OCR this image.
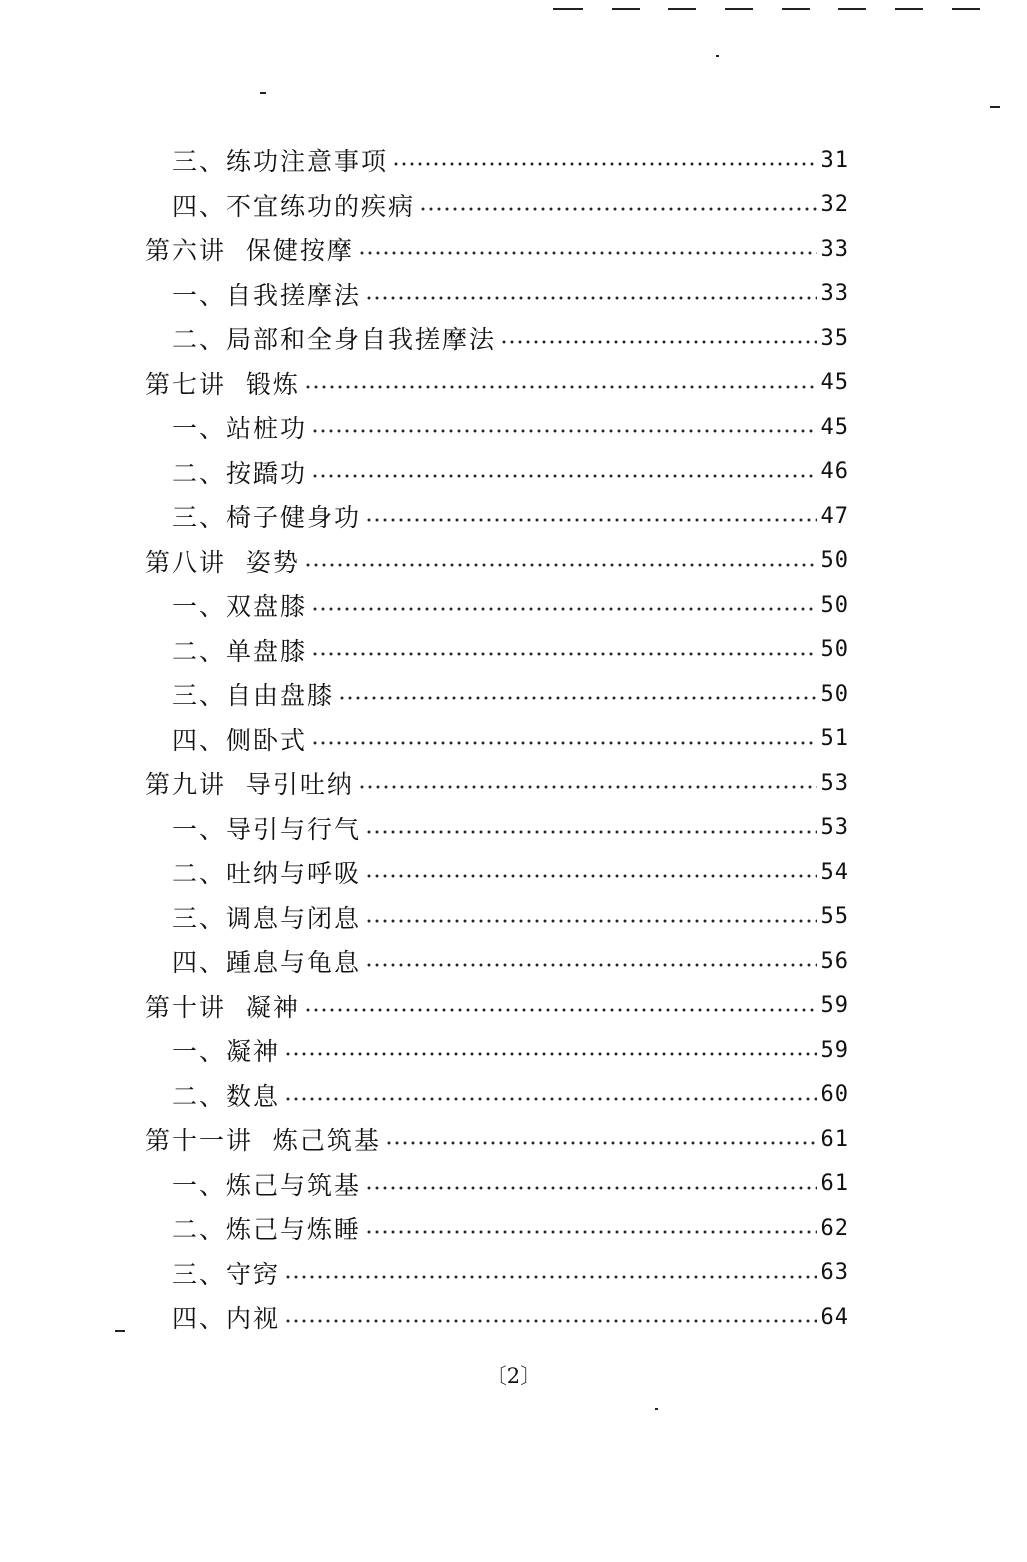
三、练功注意事项	31
四、不宜练功的疾病	32
第六讲  保健按摩	33
一、自我搓摩法	33
二、局部和全身自我搓摩法	35
第七讲  锻炼	45
一、站桩功	45
二、按蹻功	46
三、椅子健身功	47
第八讲  姿势	50
一、双盘膝	50
二、单盘膝	50
三、自由盘膝	50
四、侧卧式	51
第九讲  导引吐纳	53
一、导引与行气	53
二、吐纳与呼吸	54
三、调息与闭息	55
四、踵息与龟息	56
第十讲  凝神	59
一、凝神	59
二、数息	60
第十一讲  炼己筑基	61
一、炼己与筑基	61
二、炼己与炼睡	62
三、守窍	63
四、内视	64
〔2〕
